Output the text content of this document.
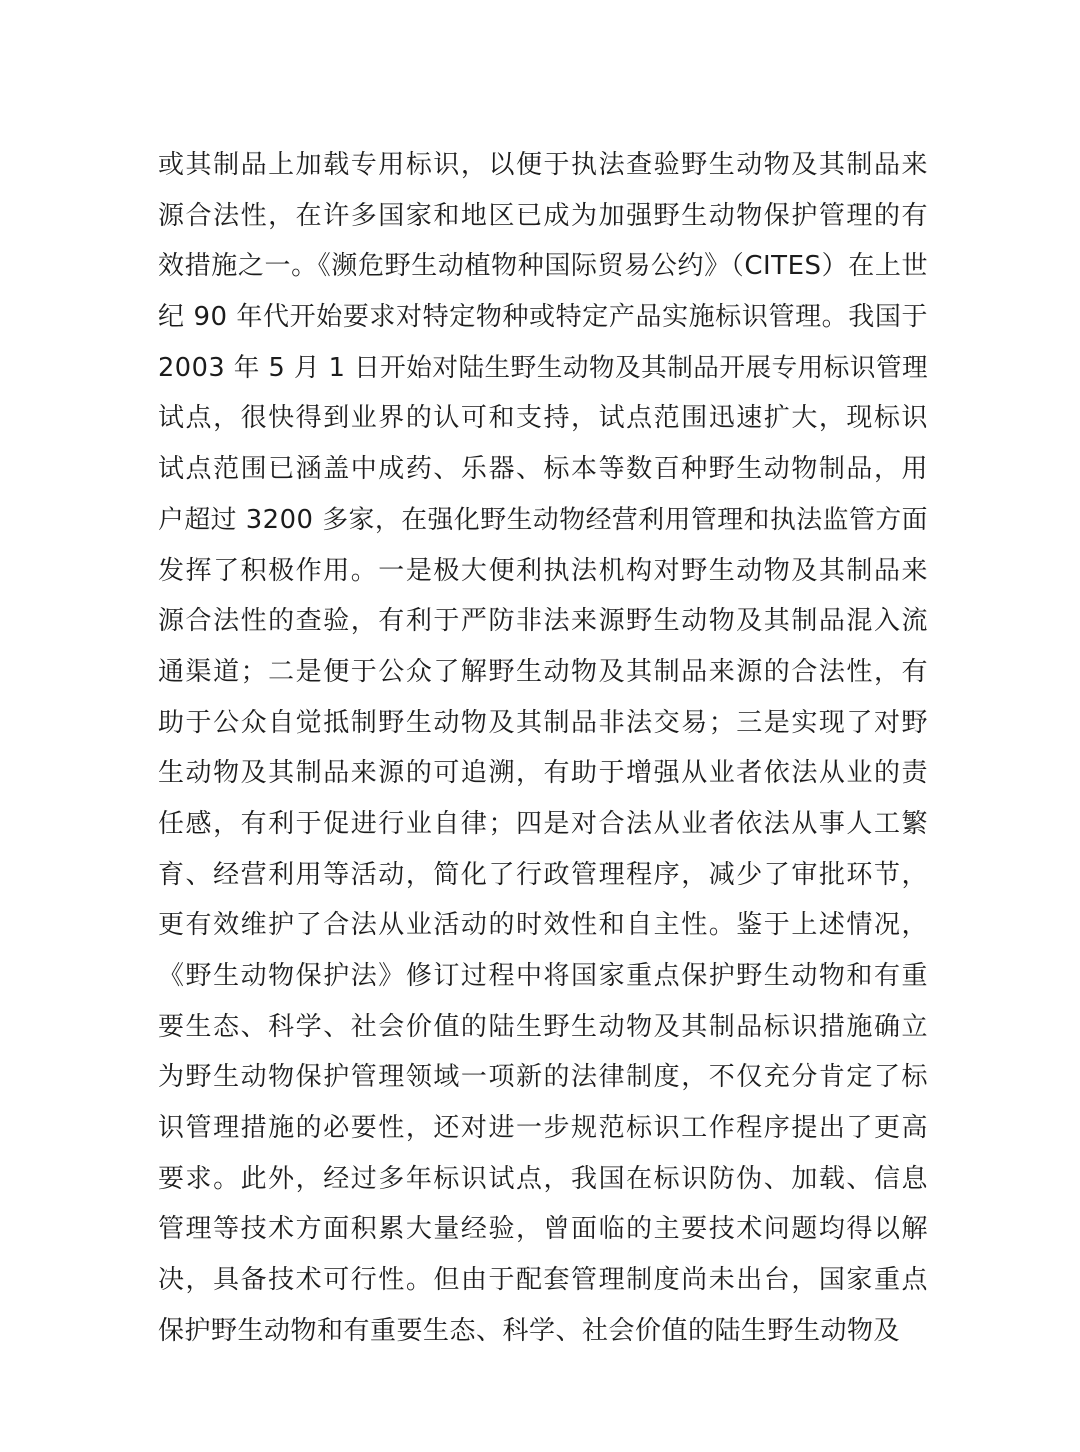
或其制品上加载专用标识，以便于执法查验野生动物及其制品来
源合法性，在许多国家和地区已成为加强野生动物保护管理的有
效措施之一。《濒危野生动植物种国际贸易公约》（CITES）在上世
纪 90 年代开始要求对特定物种或特定产品实施标识管理。我国于
2003 年 5 月 1 日开始对陆生野生动物及其制品开展专用标识管理
试点，很快得到业界的认可和支持，试点范围迅速扩大，现标识
试点范围已涵盖中成药、乐器、标本等数百种野生动物制品，用
户超过 3200 多家，在强化野生动物经营利用管理和执法监管方面
发挥了积极作用。一是极大便利执法机构对野生动物及其制品来
源合法性的查验，有利于严防非法来源野生动物及其制品混入流
通渠道；二是便于公众了解野生动物及其制品来源的合法性，有
助于公众自觉抵制野生动物及其制品非法交易；三是实现了对野
生动物及其制品来源的可追溯，有助于增强从业者依法从业的责
任感，有利于促进行业自律；四是对合法从业者依法从事人工繁
育、经营利用等活动，简化了行政管理程序，减少了审批环节，
更有效维护了合法从业活动的时效性和自主性。鉴于上述情况，
《野生动物保护法》修订过程中将国家重点保护野生动物和有重
要生态、科学、社会价值的陆生野生动物及其制品标识措施确立
为野生动物保护管理领域一项新的法律制度，不仅充分肯定了标
识管理措施的必要性，还对进一步规范标识工作程序提出了更高
要求。此外，经过多年标识试点，我国在标识防伪、加载、信息
管理等技术方面积累大量经验，曾面临的主要技术问题均得以解
决，具备技术可行性。但由于配套管理制度尚未出台，国家重点
保护野生动物和有重要生态、科学、社会价值的陆生野生动物及
